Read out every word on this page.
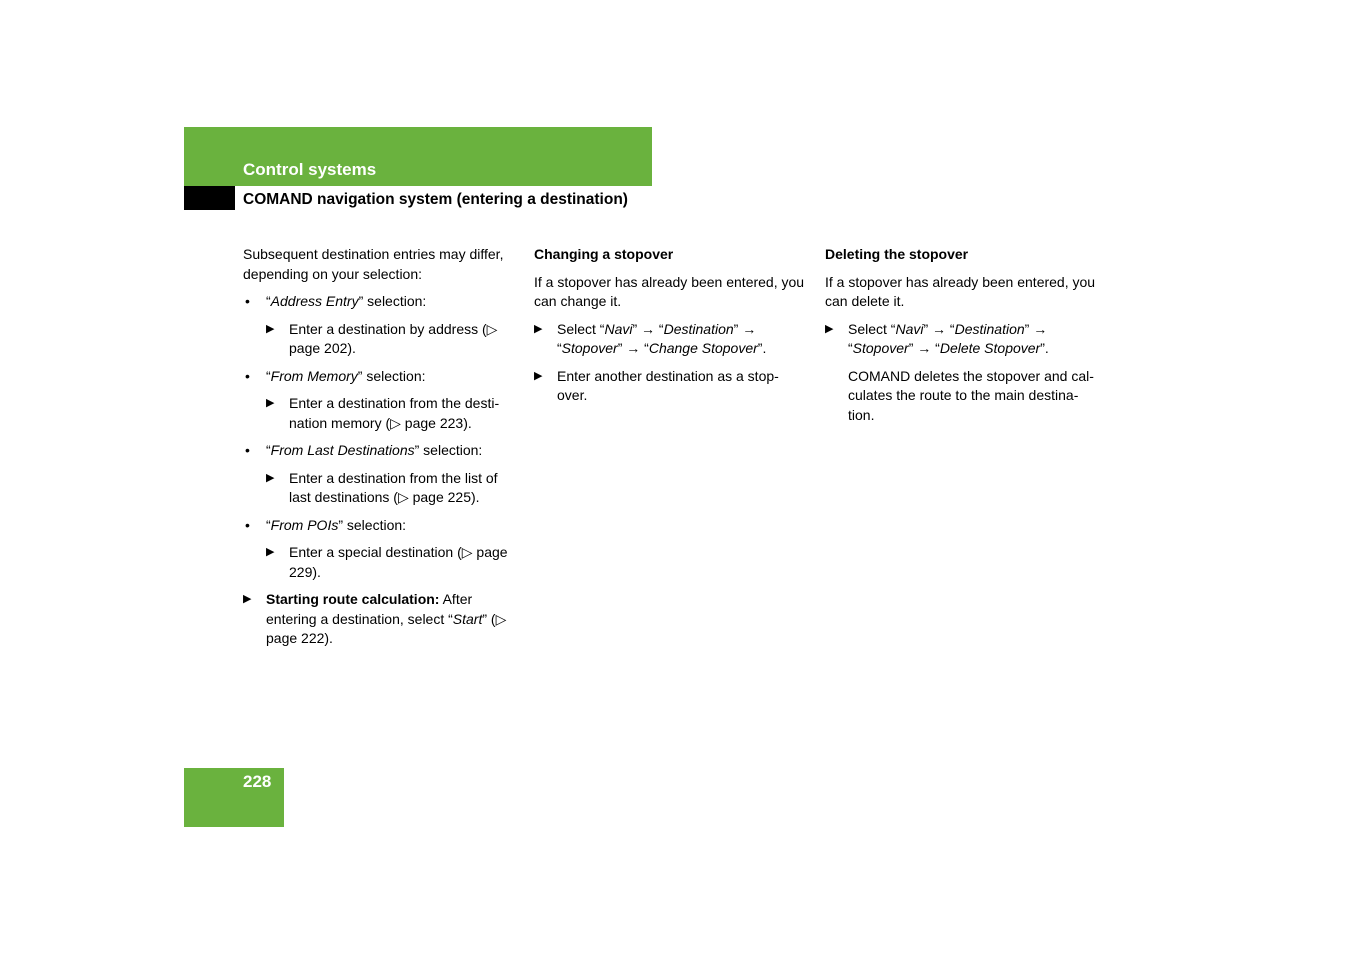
Control systems
COMAND navigation system (entering a destination)

Subsequent destination entries may differ, depending on your selection:

•	“Address Entry” selection:
▶ Enter a destination by address (▷ page 202).
•	“From Memory” selection:
▶ Enter a destination from the desti- nation memory (▷ page 223).
•	“From Last Destinations” selection:
▶ Enter a destination from the list of last destinations (▷ page 225).
•	“From POIs” selection:
▶ Enter a special destination (▷ page 229).
▶	Starting route calculation: After entering a destination, select “Start” (▷ page 222).

Changing a stopover

If a stopover has already been entered, you can change it.

▶	Select “Navi” → “Destination” → “Stopover” → “Change Stopover”.
▶	Enter another destination as a stop- over.

Deleting the stopover

If a stopover has already been entered, you can delete it.

▶	Select “Navi” → “Destination” → “Stopover” → “Delete Stopover”.

COMAND deletes the stopover and cal- culates the route to the main destina- tion.

228
